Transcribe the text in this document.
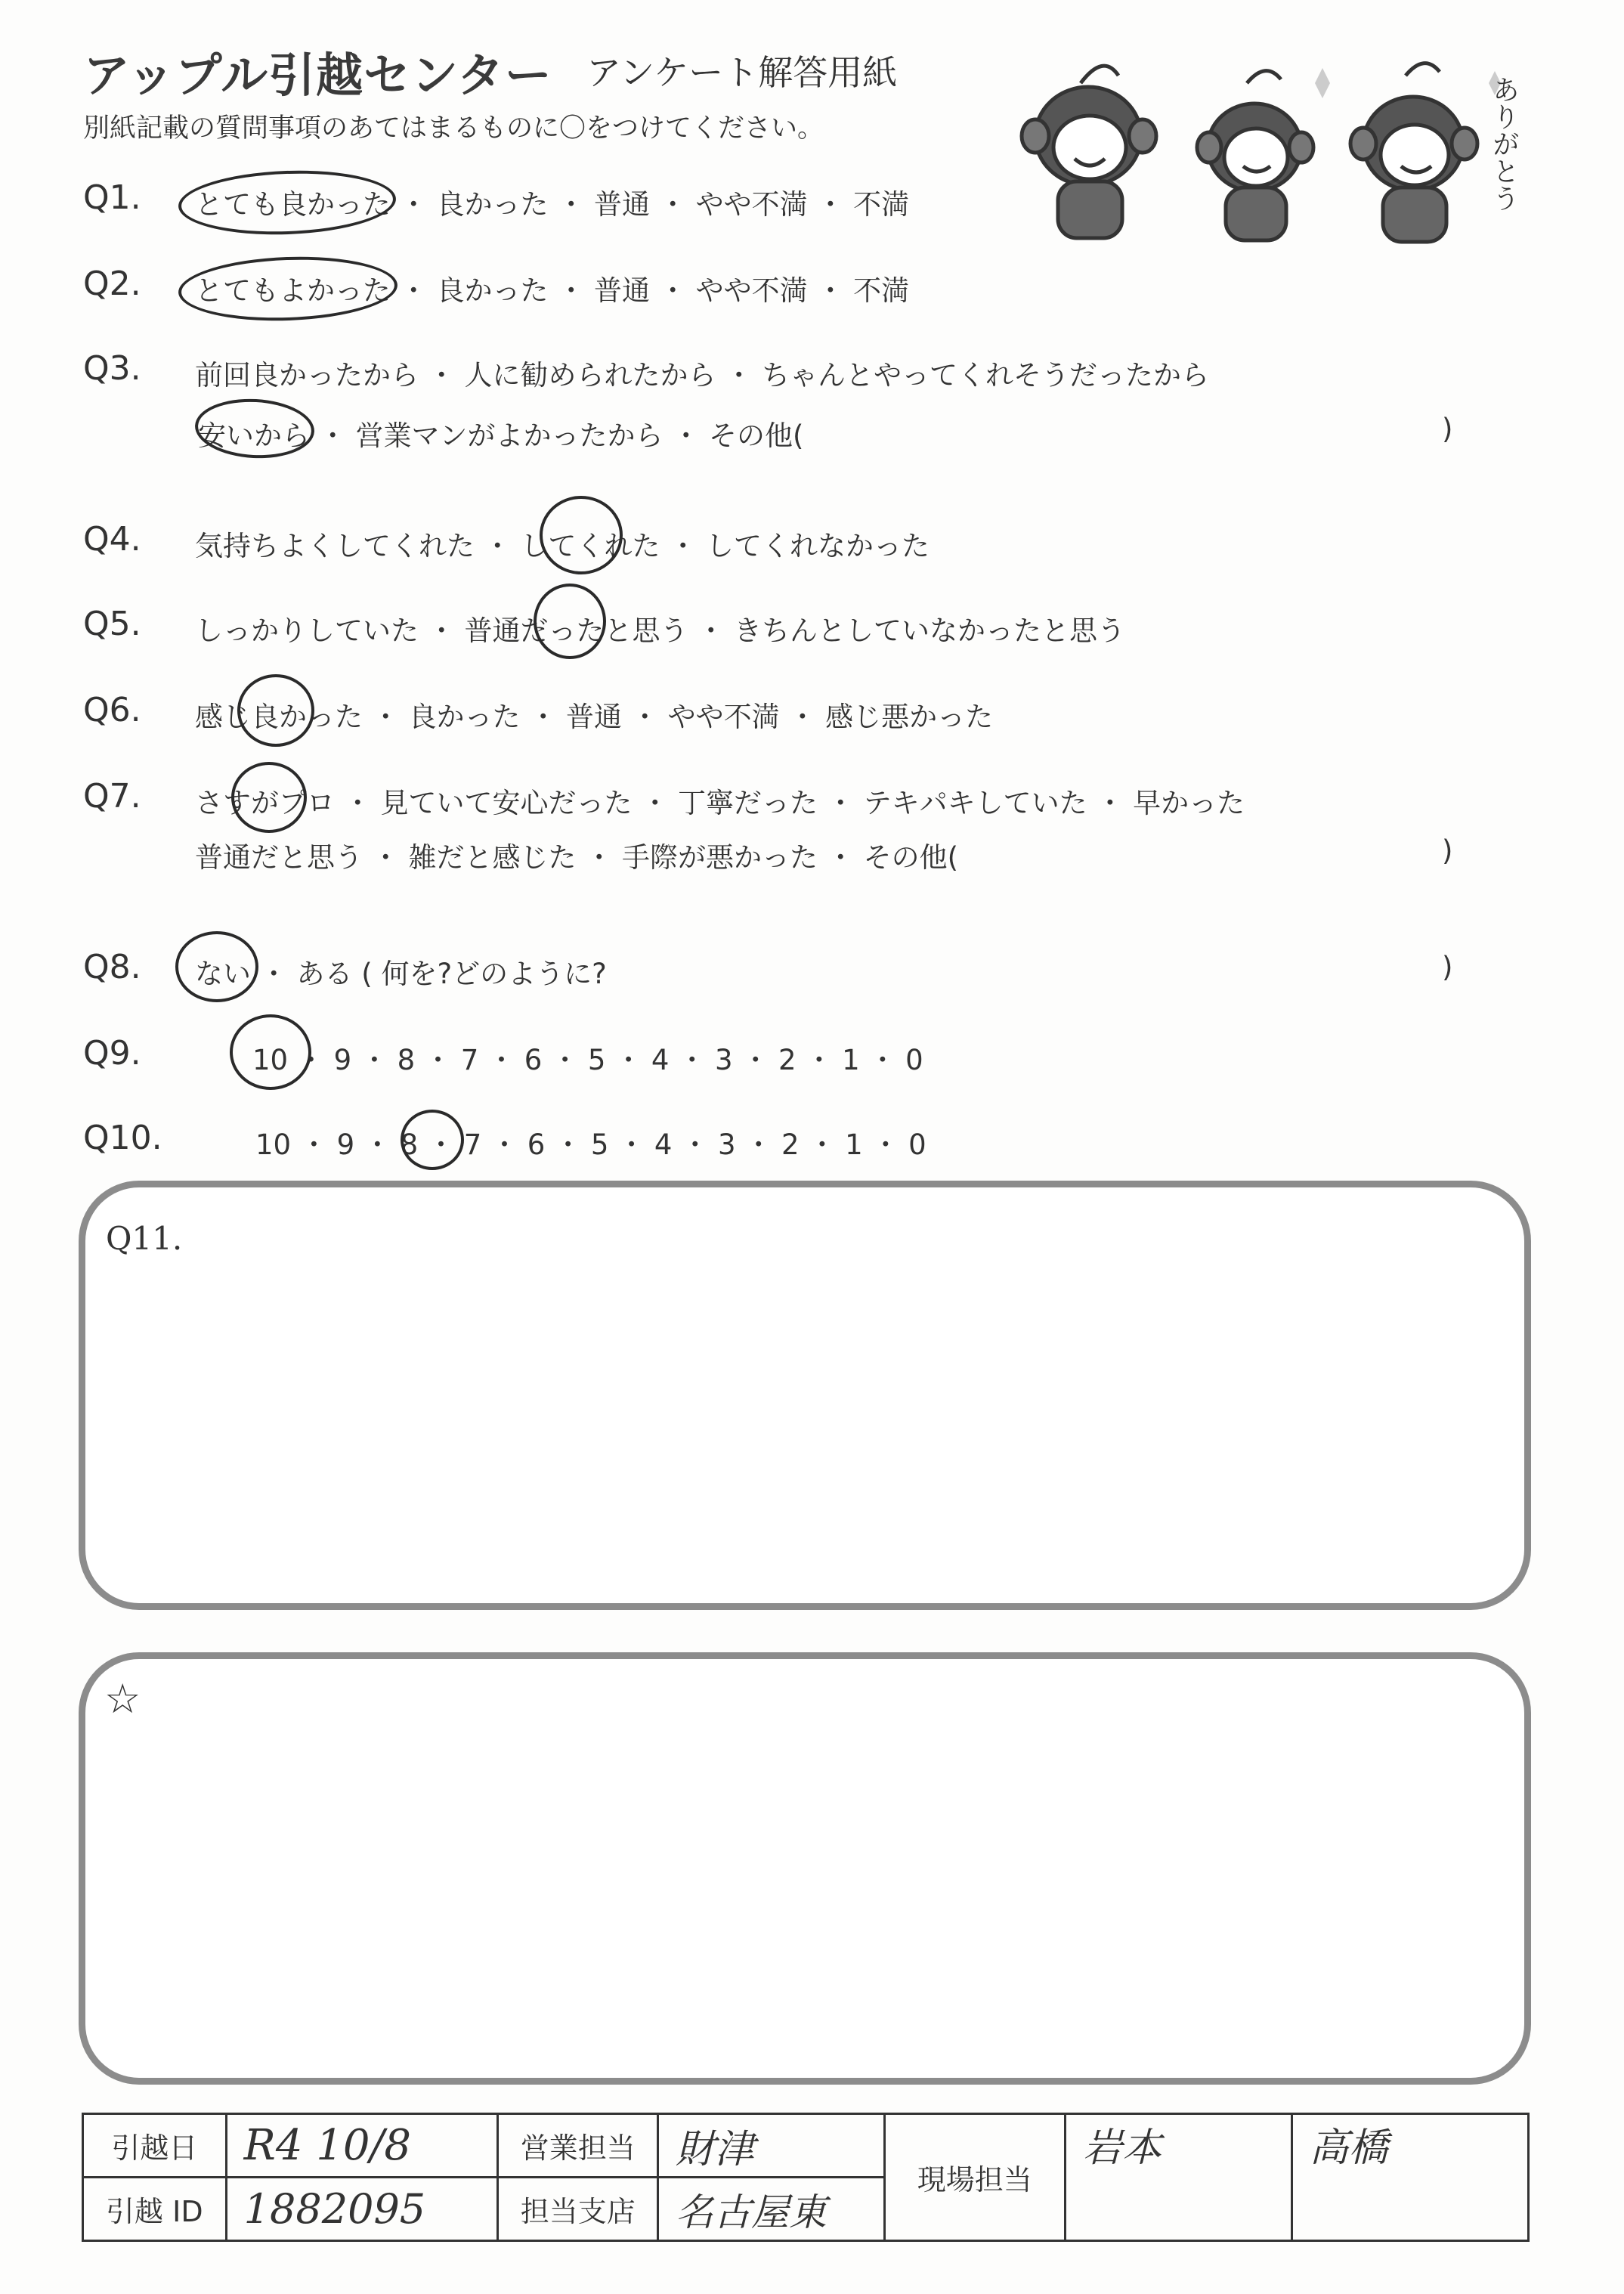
アップル引越センター アンケート解答用紙
別紙記載の質問事項のあてはまるものに〇をつけてください。	ありがとう
Q1.
Q2.
Q3.
Q4.
Q5.
Q6.
Q7.
Q8.
Q9.
Q10.
とても良かった ・ 良かった ・ 普通 ・ やや不満 ・ 不満
とてもよかった ・ 良かった ・ 普通 ・ やや不満 ・ 不満
前回良かったから ・ 人に勧められたから ・ ちゃんとやってくれそうだったから
安いから ・ 営業マンがよかったから ・ その他(	)
気持ちよくしてくれた ・ してくれた ・ してくれなかった
しっかりしていた ・ 普通だったと思う ・ きちんとしていなかったと思う
感じ良かった ・ 良かった ・ 普通 ・ やや不満 ・ 感じ悪かった
さすがプロ ・ 見ていて安心だった ・ 丁寧だった ・ テキパキしていた ・ 早かった
普通だと思う ・ 雑だと感じた ・ 手際が悪かった ・ その他(	)
ない ・ ある ( 何を?どのように?	)
10 ・ 9 ・ 8 ・ 7 ・ 6 ・ 5 ・ 4 ・ 3 ・ 2 ・ 1 ・ 0
10 ・ 9 ・ 8 ・ 7 ・ 6 ・ 5 ・ 4 ・ 3 ・ 2 ・ 1 ・ 0
Q11.
☆
引越日	R4 10/8	営業担当	財津	現場担当	岩本	高橋
引越 ID	1882095	担当支店	名古屋東			
